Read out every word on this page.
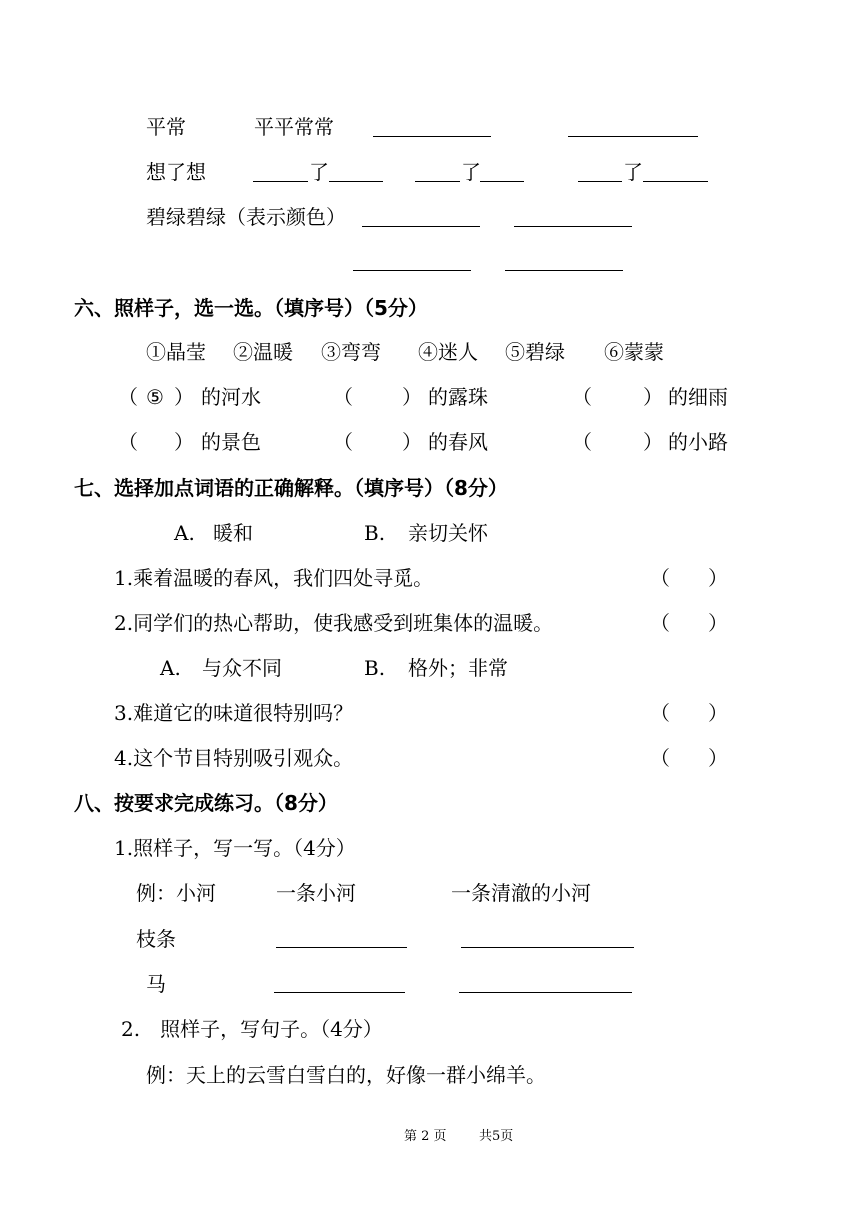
平常	平平常常
想了想	了	了	了
碧绿碧绿（表示颜色）
六、照样子，选一选。（填序号）（5分）
①晶莹 ②温暖 ③弯弯 ④迷人 ⑤碧绿 ⑥蒙蒙
（ ⑤ ） 的河水	（ ） 的露珠	（	） 的细雨
（ ） 的景色	（ ） 的春风	（	） 的小路
七、选择加点词语的正确解释。（填序号）（8分）
A. 暖和	B. 亲切关怀
1.乘着温暖的春风，我们四处寻觅。	（ ）
2.同学们的热心帮助，使我感受到班集体的温暖。	（ ）
A. 与众不同	B. 格外；非常
3.难道它的味道很特别吗？	（ ）
4.这个节目特别吸引观众。	（ ）
八、按要求完成练习。（8分）
1.照样子，写一写。（4分）
例：小河	一条小河	一条清澈的小河
枝条
马
2.　照样子，写句子。（4分）
例：天上的云雪白雪白的，好像一群小绵羊。
第 2 页 共5页
